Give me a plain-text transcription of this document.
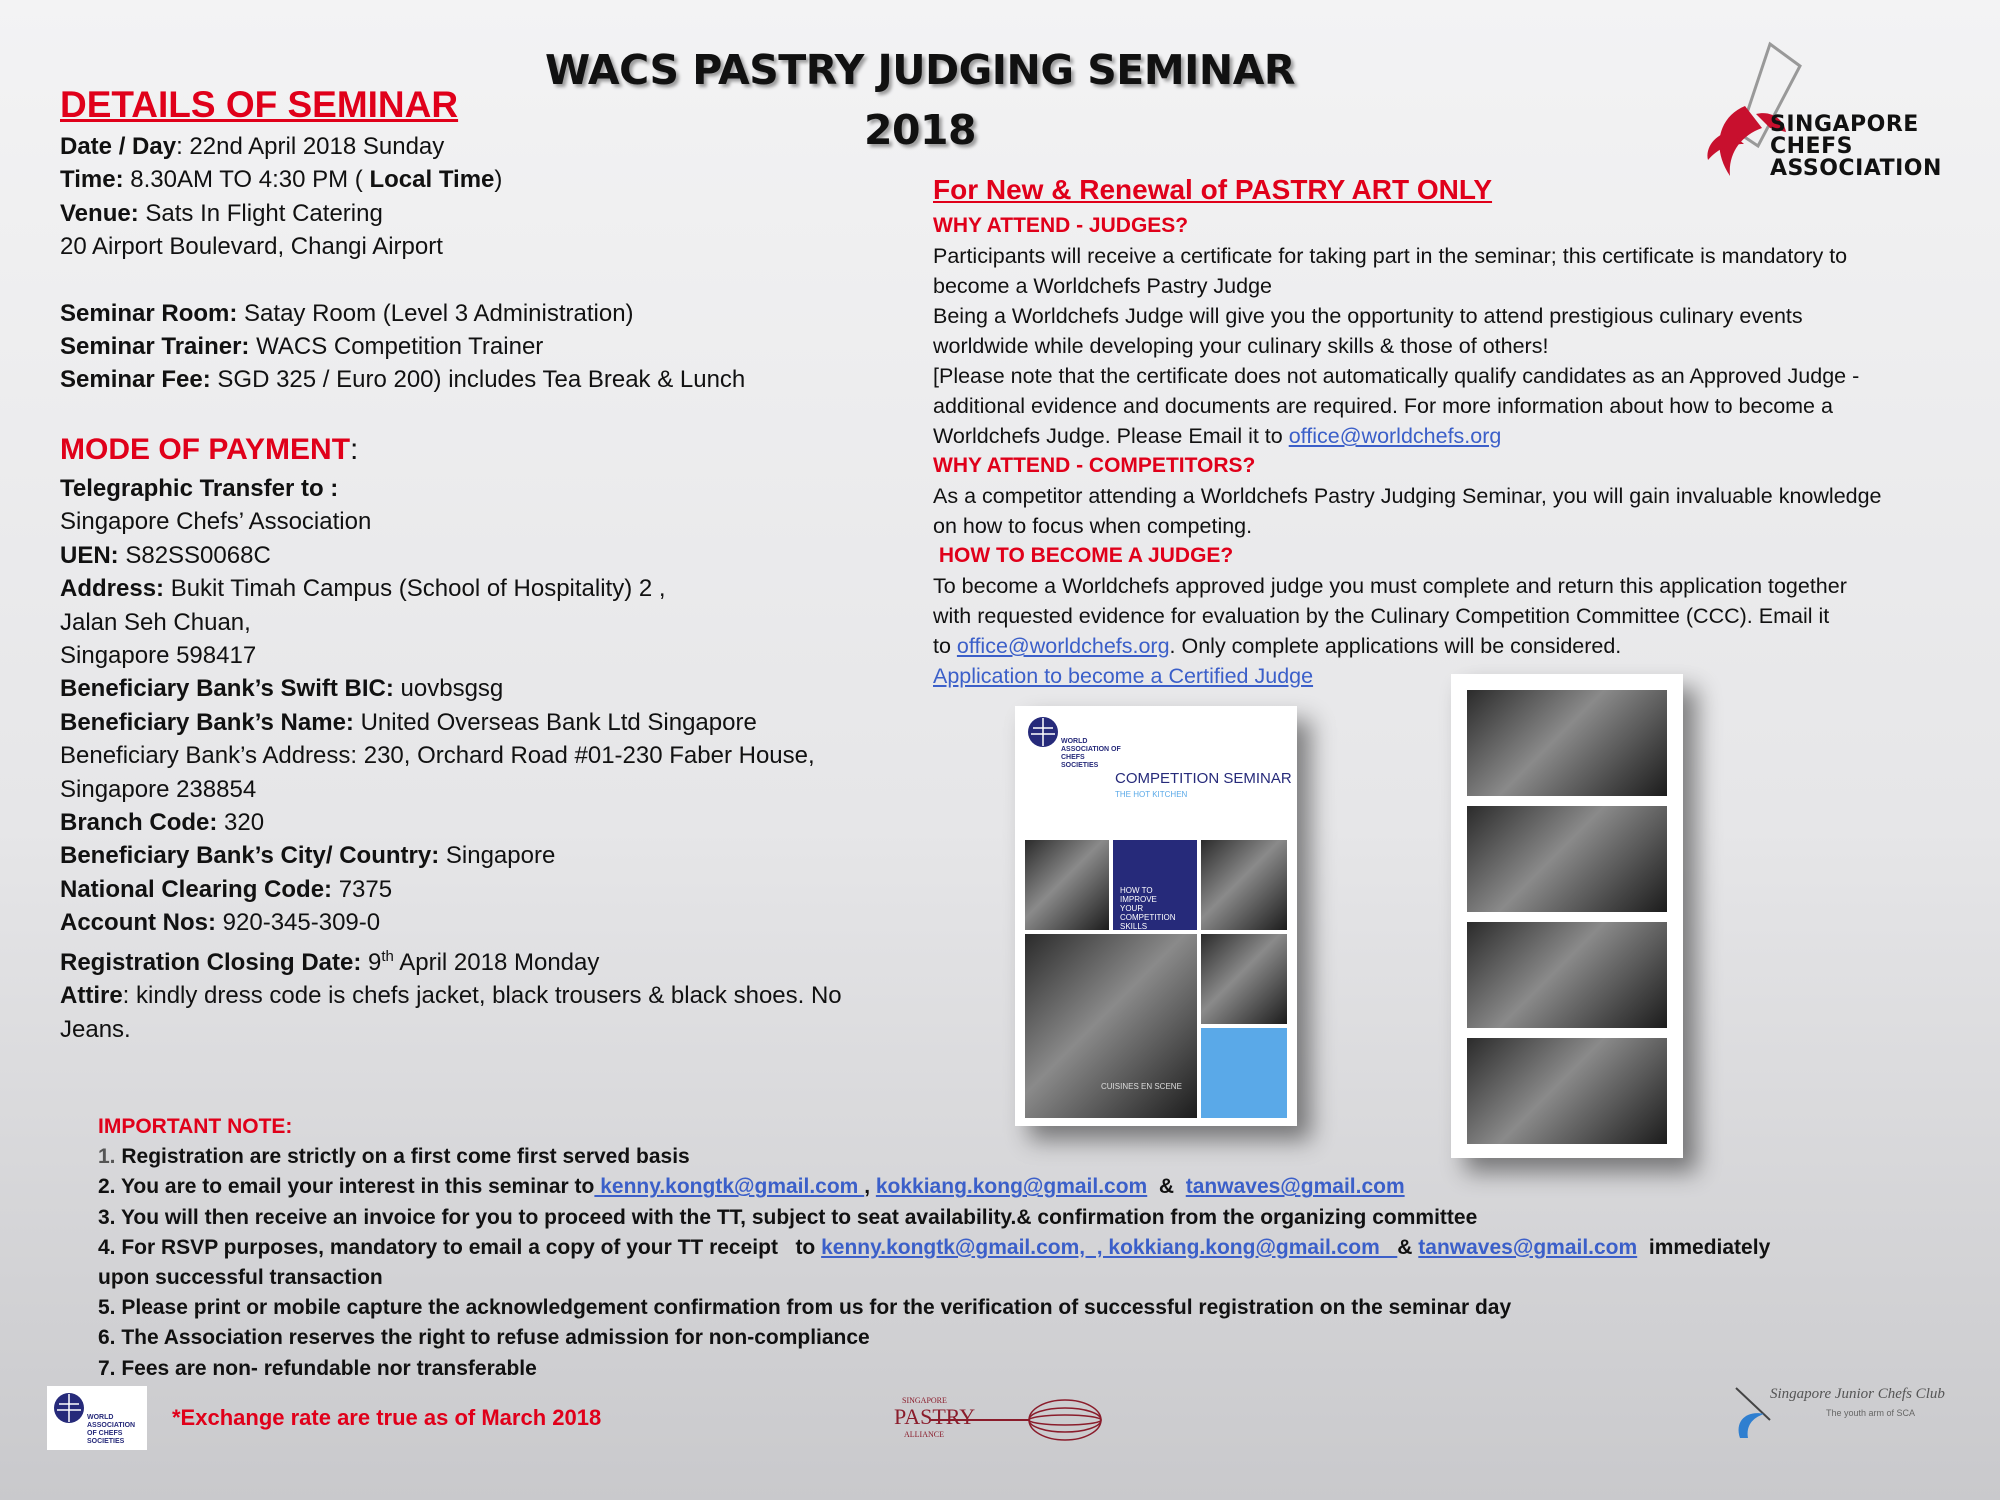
WACS PASTRY JUDGING SEMINAR
2018	SINGAPORE
CHEFS
ASSOCIATION
DETAILS OF SEMINAR
Date / Day: 22nd April 2018 Sunday
Time: 8.30AM TO 4:30 PM ( Local Time)
Venue: Sats In Flight Catering
20 Airport Boulevard, Changi Airport
Seminar Room: Satay Room (Level 3 Administration)
Seminar Trainer: WACS Competition Trainer
Seminar Fee: SGD 325 / Euro 200) includes Tea Break & Lunch
MODE OF PAYMENT:
Telegraphic Transfer to :
Singapore Chefs’ Association
UEN: S82SS0068C
Address: Bukit Timah Campus (School of Hospitality) 2 ,
Jalan Seh Chuan,
Singapore 598417
Beneficiary Bank’s Swift BIC: uovbsgsg
Beneficiary Bank’s Name: United Overseas Bank Ltd Singapore
Beneficiary Bank’s Address: 230, Orchard Road #01-230 Faber House,
Singapore 238854
Branch Code: 320
Beneficiary Bank’s City/ Country: Singapore
National Clearing Code: 7375
Account Nos: 920-345-309-0
Registration Closing Date: 9th April 2018 Monday
Attire: kindly dress code is chefs jacket, black trousers & black shoes. No
Jeans.
For New & Renewal of PASTRY ART ONLY
WHY ATTEND - JUDGES?
Participants will receive a certificate for taking part in the seminar; this certificate is mandatory to
become a Worldchefs Pastry Judge
Being a Worldchefs Judge will give you the opportunity to attend prestigious culinary events
worldwide while developing your culinary skills & those of others!
[Please note that the certificate does not automatically qualify candidates as an Approved Judge -
additional evidence and documents are required. For more information about how to become a
Worldchefs Judge. Please Email it to office@worldchefs.org
WHY ATTEND - COMPETITORS?
As a competitor attending a Worldchefs Pastry Judging Seminar, you will gain invaluable knowledge
on how to focus when competing.
HOW TO BECOME A JUDGE?
To become a Worldchefs approved judge you must complete and return this application together
with requested evidence for evaluation by the Culinary Competition Committee (CCC). Email it
to office@worldchefs.org. Only complete applications will be considered.
Application to become a Certified Judge
WORLD ASSOCIATION OF CHEFS SOCIETIES
COMPETITION SEMINAR
THE HOT KITCHEN
HOW TO IMPROVE YOUR COMPETITION SKILLS
CUISINES EN SCENE
IMPORTANT NOTE:
1. Registration are strictly on a first come first served basis
2. You are to email your interest in this seminar to kenny.kongtk@gmail.com , kokkiang.kong@gmail.com  &  tanwaves@gmail.com
3. You will then receive an invoice for you to proceed with the TT, subject to seat availability.& confirmation from the organizing committee
4. For RSVP purposes, mandatory to email a copy of your TT receipt   to kenny.kongtk@gmail.com,  , kokkiang.kong@gmail.com   & tanwaves@gmail.com  immediately
upon successful transaction
5. Please print or mobile capture the acknowledgement confirmation from us for the verification of successful registration on the seminar day
6. The Association reserves the right to refuse admission for non-compliance
7. Fees are non- refundable nor transferable
WORLD ASSOCIATION OF CHEFS SOCIETIES
*Exchange rate are true as of March 2018
SINGAPORE
PASTRY
ALLIANCE
Singapore Junior Chefs Club
The youth arm of SCA
